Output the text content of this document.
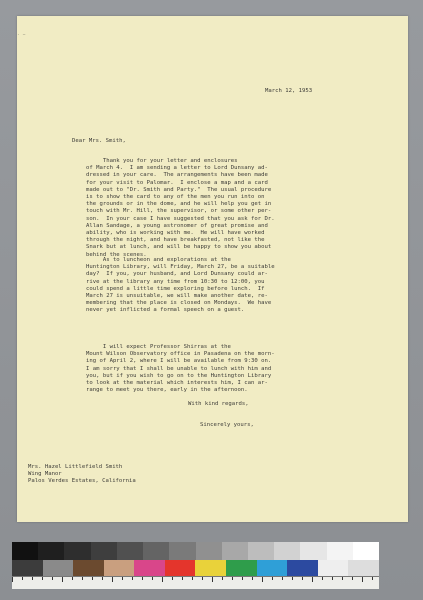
· —
March 12, 1953
Dear Mrs. Smith,
Thank you for your letter and enclosures
of March 4.  I am sending a letter to Lord Dunsany ad-
dressed in your care.  The arrangements have been made
for your visit to Palomar.  I enclose a map and a card
made out to "Dr. Smith and Party."  The usual procedure
is to show the card to any of the men you run into on
the grounds or in the dome, and he will help you get in
touch with Mr. Hill, the supervisor, or some other per-
son.  In your case I have suggested that you ask for Dr.
Allan Sandage, a young astronomer of great promise and
ability, who is working with me.  He will have worked
through the night, and have breakfasted, not like the
Snark but at lunch, and will be happy to show you about
behind the scenes.
As to luncheon and explorations at the
Huntington Library, will Friday, March 27, be a suitable
day?  If you, your husband, and Lord Dunsany could ar-
rive at the library any time from 10:30 to 12:00, you
could spend a little time exploring before lunch.  If
March 27 is unsuitable, we will make another date, re-
membering that the place is closed on Mondays.  We have
never yet inflicted a formal speech on a guest.
I will expect Professor Shirras at the
Mount Wilson Observatory office in Pasadena on the morn-
ing of April 2, where I will be available from 9:30 on.
I am sorry that I shall be unable to lunch with him and
you, but if you wish to go on to the Huntington Library
to look at the material which interests him, I can ar-
range to meet you there, early in the afternoon.
With kind regards,
Sincerely yours,
Mrs. Hazel Littlefield Smith
Wing Manor
Palos Verdes Estates, California
